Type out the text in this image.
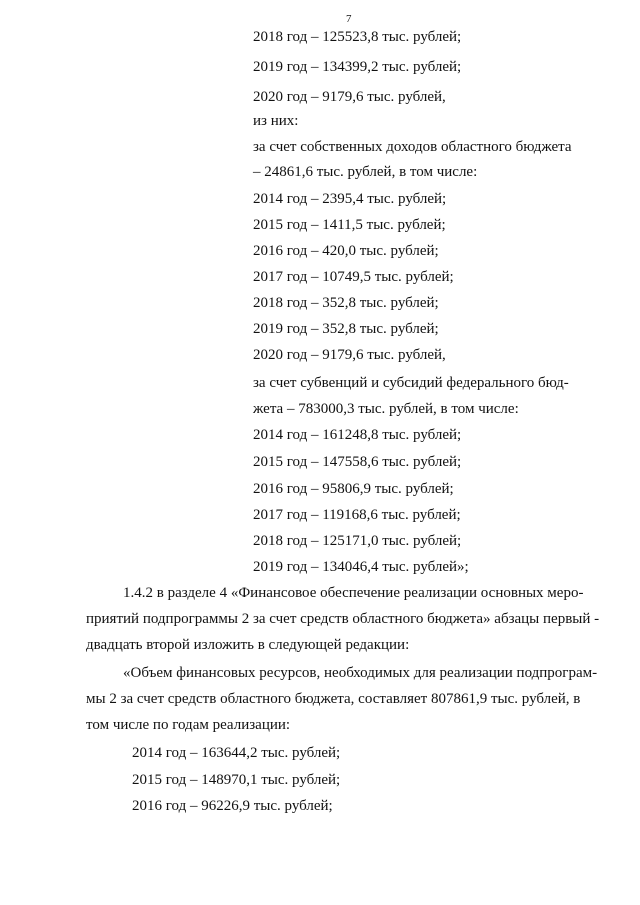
7
2018 год – 125523,8 тыс. рублей;
2019 год – 134399,2 тыс. рублей;
2020 год – 9179,6 тыс. рублей,
из них:
за счет собственных доходов областного бюджета
– 24861,6 тыс. рублей, в том числе:
2014 год – 2395,4 тыс. рублей;
2015 год – 1411,5 тыс. рублей;
2016 год – 420,0 тыс. рублей;
2017 год – 10749,5 тыс. рублей;
2018 год – 352,8 тыс. рублей;
2019 год – 352,8 тыс. рублей;
2020 год – 9179,6 тыс. рублей,
за счет субвенций и субсидий федерального бюд-
жета – 783000,3 тыс. рублей, в том числе:
2014 год – 161248,8 тыс. рублей;
2015 год – 147558,6 тыс. рублей;
2016 год – 95806,9 тыс. рублей;
2017 год – 119168,6 тыс. рублей;
2018 год – 125171,0 тыс. рублей;
2019 год – 134046,4 тыс. рублей»;
1.4.2 в разделе 4 «Финансовое обеспечение реализации основных меро-
приятий подпрограммы 2 за счет средств областного бюджета» абзацы первый -
двадцать второй изложить в следующей редакции:
«Объем финансовых ресурсов, необходимых для реализации подпрограм-
мы 2 за счет средств областного бюджета, составляет 807861,9 тыс. рублей, в
том числе по годам реализации:
2014 год – 163644,2 тыс. рублей;
2015 год – 148970,1 тыс. рублей;
2016 год – 96226,9 тыс. рублей;
